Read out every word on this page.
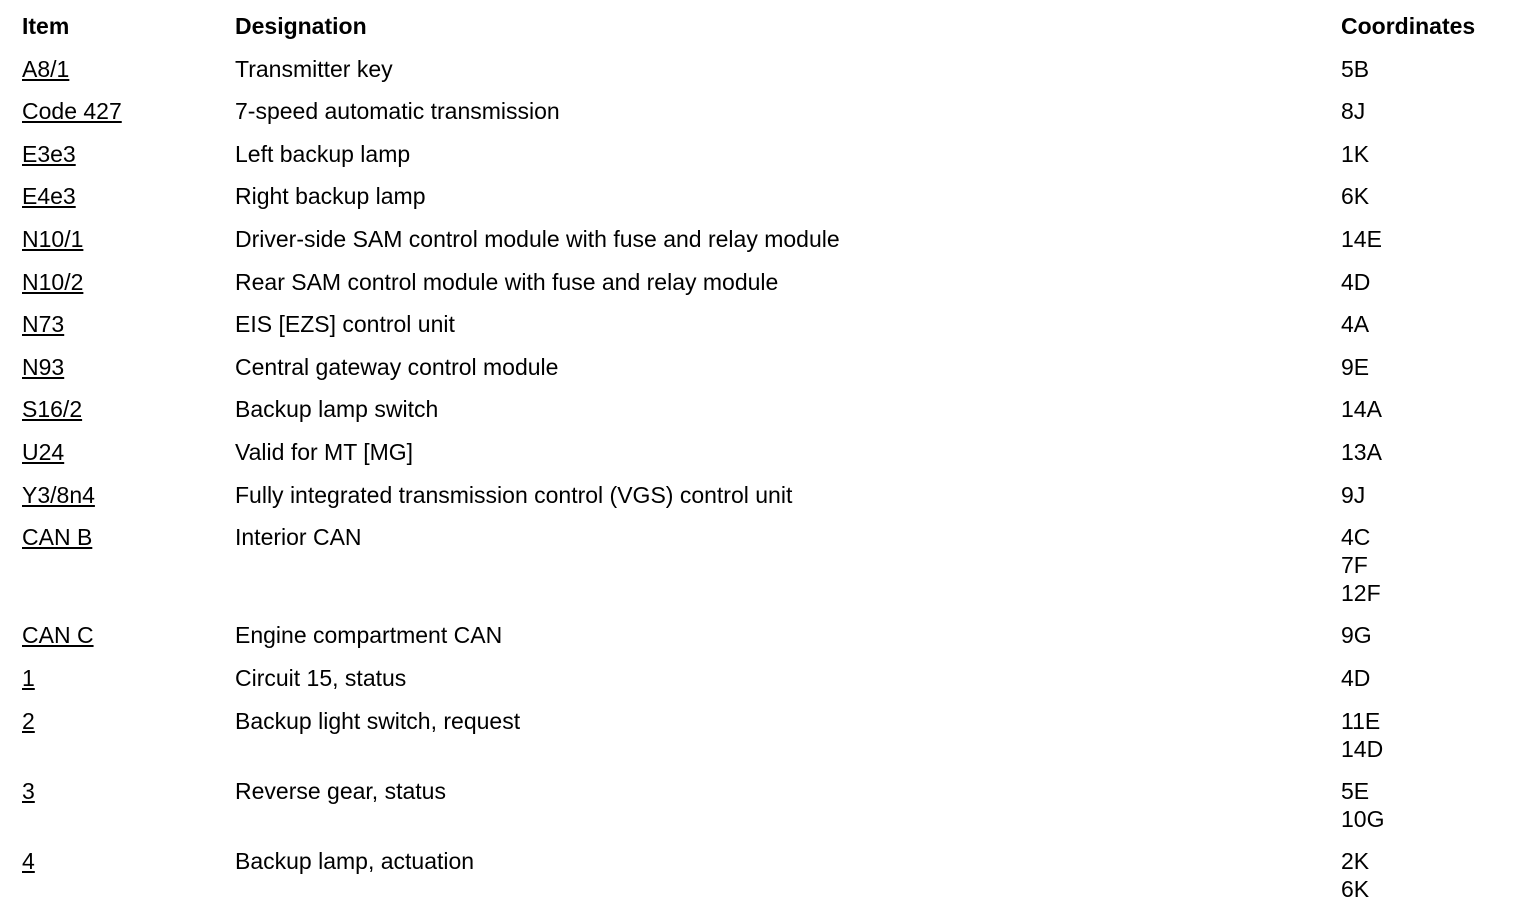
Item	Designation	Coordinates
A8/1	Transmitter key	5B
Code 427	7-speed automatic transmission	8J
E3e3	Left backup lamp	1K
E4e3	Right backup lamp	6K
N10/1	Driver-side SAM control module with fuse and relay module	14E
N10/2	Rear SAM control module with fuse and relay module	4D
N73	EIS [EZS] control unit	4A
N93	Central gateway control module	9E
S16/2	Backup lamp switch	14A
U24	Valid for MT [MG]	13A
Y3/8n4	Fully integrated transmission control (VGS) control unit	9J
CAN B	Interior CAN	4C
7F
12F
CAN C	Engine compartment CAN	9G
1	Circuit 15, status	4D
2	Backup light switch, request	11E
14D
3	Reverse gear, status	5E
10G
4	Backup lamp, actuation	2K
6K
